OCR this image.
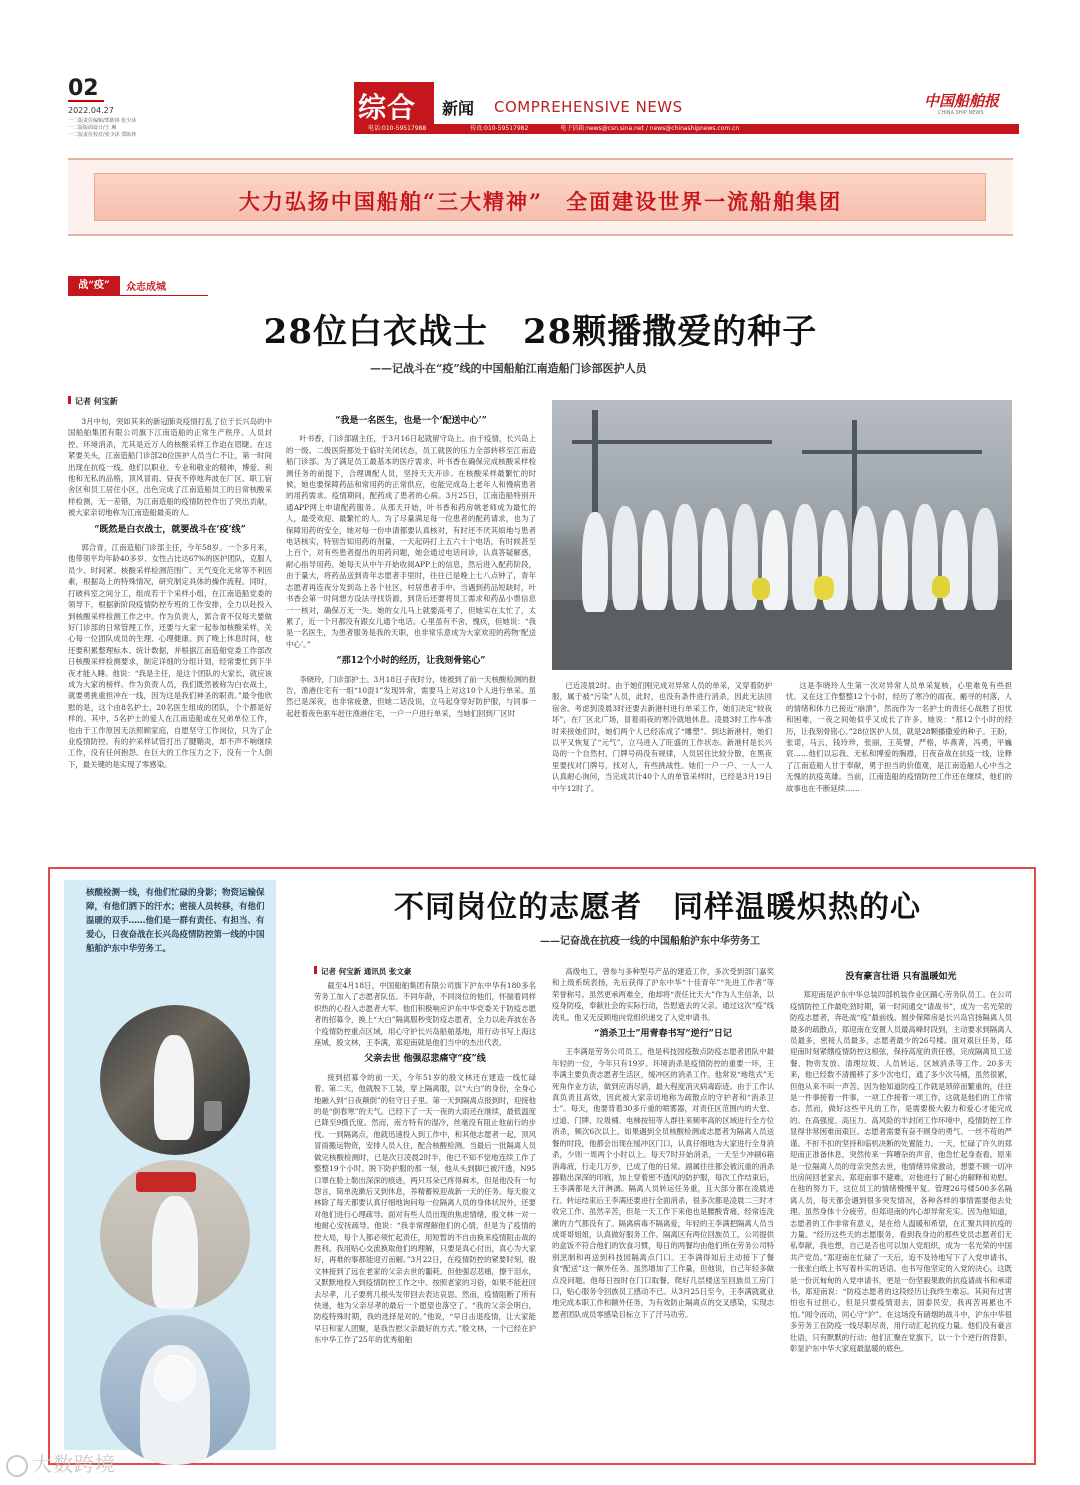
02
2022.04.27
一二版责任编辑/郑陈林 张少沐
一二版版面设计/王 琳
一二版责任校对/张少沐 郑陈林
综合 新闻 COMPREHENSIVE NEWS
电话:010-59517988	传真:010-59517982	电子信箱:news@csn.sina.net / news@chinashipnews.com.cn
中国船舶报
CHINA SHIP NEWS
大力弘扬中国船舶“三大精神”　全面建设世界一流船舶集团
战“疫”	众志成城
28位白衣战士　28颗播撒爱的种子
——记战斗在“疫”线的中国船舶江南造船门诊部医护人员
记者 何宝新

3月中旬，突如其来的新冠肺炎疫情打乱了位于长兴岛的中国船舶集团有限公司旗下江南造船的正常生产秩序。人员封控、环境消杀，尤其是近万人的核酸采样工作迫在眉睫。在这紧要关头，江南造船门诊部28位医护人员当仁不让，第一时间出现在抗疫一线。他们以职业、专业和敬业的精神，博爱、利他和无私的品格，顶风冒雨、昼夜不停地奔波在厂区、职工宿舍区和员工居住小区，出色完成了江南造船员工的日常核酸采样检测，无一差错，为江南造船的疫情防控作出了突出贡献，被大家亲切地称为江南造船最美的人。

“既然是白衣战士，就要战斗在‘疫’线”

郭合青，江南造船门诊部主任，今年58岁。一个多月来，他带领平均年龄40多岁、女性占比达67%的医护团队，克服人员少、时间紧、核酸采样检测范围广、天气变化无常等不利因素，根据岛上的特殊情况，研究制定具体的操作流程。同时，打破科室之间分工，组成若干个采样小组，在江南造船党委的领导下，根据新阶段疫情防控专班的工作安排，全力以赴投入到核酸采样检测工作之中。作为负责人，郭合青不仅每天要做好门诊部的日常管理工作，还要与大家一起参加核酸采样，关心每一位团队成员的生理、心理健康。到了晚上休息时间，他还要积累整理标本、统计数据，并根据江南造船党委工作部改日核酸采样检测要求，制定详细的分组计划，经常要忙到下半夜才能入睡。他说：“我是主任，是这个团队的大家长，就应该成为大家的榜样。作为负责人员，我们既然被称为白衣战士，就要勇挑重担冲在一线，因为这是我们神圣的职责。”最令他欣慰的是，这个由8名护士、20名医生组成的团队，个个都是好样的。其中，5名护士的爱人在江南造船或在兄弟单位工作，也由于工作原因无法照顾家庭，自愿坚守工作岗位，只为了企业疫情防控。有的护采样试管打出了腱鞘炎，却不声不响继续工作，没有任何抱怨。在巨大的工作压力之下，没有一个人倒下，最关键的是实现了零感染。

“我是一名医生，也是一个‘配送中心’”

叶书香，门诊部副主任，于3月16日起就留守岛上。由于疫情，长兴岛上的一级、二级医院都处于临时关闭状态，员工就医的压力全部转移至江南造船门诊部。为了满足员工最基本的医疗需求，叶书香在确保完成核酸采样检测任务的前提下，合理调配人员，坚持天天开诊。在核酸采样最繁忙的时候，她也要保障药品和常用药的正常供应，也能完成岛上老年人和慢病患者的用药需求。疫情期间，配药成了患者的心病。3月25日，江南造船特别开通APP网上申请配药服务。从那天开始，叶书香和药房姚老师成为最忙的人，最受欢迎、最繁忙的人。为了尽量满足每一位患者的配药请求，也为了保障用药的安全，她对每一份申请都要认真核对，有时还不厌其烦地与患者电话核实，特别告知用药的剂量，一天起码打上五六十个电话，有时候甚至上百个，对有些患者提出的用药问题，她会通过电话问诊，认真答疑解惑，耐心指导用药。她每天从中午开始收阅APP上的信息，然后进入配药阶段，由于量大，将药品送到青年志愿者手里时，往往已是晚上七八点钟了，青年志愿者再连夜分发到岛上各个社区，村居患者手中。当遇到药品短缺时，叶书香会第一时间想方设法寻找货源，到货后还要将员工需求和药品小票信息一一核对，确保万无一失。她的女儿马上就要高考了，但她实在太忙了，太累了，近一个月都没有跟女儿通个电话。心里虽有不舍，愧疚，但她说：“我是一名医生，为患者服务是我的天职，也非常乐意成为大家欢迎的药物‘配送中心’。”

“那12个小时的经历，让我刻骨铭心”

李晓玲，门诊部护士。3月18日子夜时分，她被到了前一天核酸检测的报告，渔港住宅有一组“10混1”发现异常，需要马上对这10个人进行单采。虽然已是深夜，也非常疲惫，但她二话没说，立马起身穿好防护服，与同事一起赶着夜色驱车赶往渔港住宅，一户一户进行单采，当她们回到厂区时

已近凌晨2时。由于她们刚完成对异常人员的单采，又穿着防护服，属于被“污染”人员，此时，也没有条件进行消杀，因此无法回宿舍。考虑到凌晨3时还要去新港村进行单采工作，她们决定“较夜坏”，在厂区北广场，冒着雨夜的寒冷就地休息。凌晨3时工作车准时来接她们时，她们两个人已经冻成了“雕塑”。到达新港村，她们以平又恢复了“元气”，立马进入了旺盛的工作状态。新港村是长兴岛的一个自然村，门牌号码没有规律，人员居住比较分散，在黑夜里要找对门牌号，找对人，有些挑战性。她们一户一户、一人一人认真耐心询问，当完成共计40个人的单管采样时，已经是3月19日中午12时了。

这是李晓玲人生第一次对异常人员单采复核，心里难免有些担忧。又在这工作整整12个小时，经历了寒冷的雨夜、瘢寻的村落，人的情绪和体力已接近“崩溃”，然而作为一名护士的责任心战胜了担忧和困难，一夜之间她似乎又成长了许多。她说：“那12个小时的经历，让我刻骨铭心。”28位医护人员，就是28颗播撒爱的种子。王盼，张诺，马云，钱玲珍，张丽，王英譬，严格，毕燕菁，冯勇，平巍宸……他们以忘我、无私和博爱的胸襟，日夜奋战在抗疫一线，诠释了江南造船人甘于奉献，勇于担当的价值观，是江南造船人心中当之无愧的抗疫英雄。当前，江南造船的疫情防控工作还在继续，他们的故事也在不断延续……

核酸检测一线，有他们忙碌的身影；物资运输保障，有他们洒下的汗水；密接人员转移，有他们温暖的双手……他们是一群有责任、有担当、有爱心，日夜奋战在长兴岛疫情防控第一线的中国船舶沪东中华劳务工。
不同岗位的志愿者　同样温暖炽热的心
——记奋战在抗疫一线的中国船舶沪东中华劳务工
记者 何宝新 通讯员 张文豪

截至4月18日，中国船舶集团有限公司旗下沪东中华有180多名劳务工加入了志愿者队伍。不同年龄，不同岗位的他们，怀揣着同样炽热的心投入志愿者大军。他们积极响应沪东中华党委关于防疫志愿者的招募令，换上“大白”隔离服秒变防疫志愿者，全力以赴奔波在各个疫情防控重点区域，用心守护长兴岛船舶基地，用行动书写上海这座城，殷文林，王李满，郑迎南就是他们当中的杰出代表。

父亲去世 他强忍悲痛守“疫”线

接到招募令的前一天，今年51岁的殷文林还在建造一线忙碌着。第二天，他就脱下工装，穿上隔离服，以“大白”的身份，全身心地融入到“日夜颠倒”的驻守日子里。第一天到隔离点报到时，迎接他的是“倒春寒”的天气。已经下了一天一夜的大雨还在继续，最低温度已降至9摄氏度。然而，南方特有的湿冷，丝毫没有阻止他前行的步伐。一到隔离点，他就迅速投入到工作中，和其他志愿者一起，顶风冒雨搬运物资，安排人员入住，配合核酸检测。当最后一批隔离人员做完核酸检测时，已是次日凌晨2时半，他已不知不觉地连续工作了整整19个小时。脱下防护服的那一刻，他从头到脚已被汗透，N95口罩在脸上勒出深深的痕迹，两只耳朵已疼得麻木，但是他没有一句怨言，简单洗漱后又到休息，养精蓄锐迎战新一天的任务。每天殷文林除了每天都要认真仔细地询问每一位隔离人员的身体状况外，还要对他们进行心理疏导。面对有些人员出现的焦虑情绪，殷文林一对一地耐心安抚疏导。他说：“我非常理解他们的心情，但是为了疫情的控大局，每个人都必须忙起责任，用短暂的不自由换来疫情阻击战的胜利。我用贴心交流换取他们的理解，只要是真心付出，真心为大家好，再难的事都能迎刃而解。”3月22日，在疫情防控的紧要时刻，殷文林接到了远在老家的父亲去世的噩耗。但他强忍悲痛，擦干泪水，又默默地投入到疫情防控工作之中。按照老家的习俗，如果不能赶回去尽孝，儿子要剪几根头发带回去表达哀思。然而，疫情阻断了所有快递，他为父亲尽孝的最后一个愿望也落空了。“我的父亲会明白，防疫特殊时期，我的选择是对的。”他说，“早日击退疫情，让大家能早日和家人团聚，是我告慰父亲最好的方式。”殷文林，一个已经在沪东中华工作了25年的优秀船舶

高级电工，曾参与多种型号产品的建造工作，多次受到部门嘉奖和上级系统表扬，先后获得了沪东中华“十佳青年”“先进工作者”等荣誉称号。虽然更承两难全，他却将“责任比天大”作为人生信条，以疫身防疫，奉献社会的实际行动，告慰逝去的父亲。通过这次“疫”线洗礼，他又无反顾地向党组织递交了入党申请书。

“消杀卫士”用青春书写“逆行”日记

王李满是劳务公司员工，他是科技园疫散点防疫志愿者团队中最年轻的一位，今年只有19岁。环境消杀是疫情防控的重要一环，王李满主要负责志愿者生活区，缓冲区的消杀工作。他常说“地毯式”无死角作业方法，做到应消尽消，最大程度消灭病毒踪迹。由于工作认真负责且高效，因此被大家亲切地称为疏散点的守护者和“消杀卫士”。每天，他要背着30多斤重的喷雾器，对责任区范围内的大堂、过道、门牌、垃圾桶、电梯按钮等人群往来频率高的区域进行全方位消杀，频次6次以上。如果遇到全员核酸检测或志愿者为隔离人员送餐的时段，他都会出现在缓冲区门口，认真仔细地为大家进行全身消杀，少则一周两个小时以上。每天7时开始消杀，一天至少冲刷6箱消毒液，行走几万步，已成了他的日常。副属往往都会被沉重的消杀器勒出深深的印痕，加上穿着密不透风的防护服，每次工作结束后，王李满都是大汗淋漓。隔离人员转运任务重，且大部分都在凌晨进行。转运结束后王李满还要进行全面消杀，很多次都是凌晨二三时才收完工作。虽然辛苦，但是一天工作下来他也是腰酸背痛，经常连洗漱的力气都没有了。隔离病毒不隔离爱，年轻的王李满把隔离人员当成哥哥姐姐，认真做好服务工作。隔离区有两位回族员工，公司提供的盒饭不符合他们的饮食习惯，每日的两餐均由他们所在劳务公司特别烹制和再送到科技园隔离点门口。王李满得知后主动接下了餐食“配送”这一额外任务。虽然增加了工作量，但他说，自己年轻多做点没问题。他每日按时在门口取餐，爬好几层楼送至回族员工房门口，贴心服务令回族员工感动不已。从3月25日至今，王李满就就业地完成本职工作和额外任务，为有效防止隔离点的交叉感染，实现志愿者团队成员零感染目标立下了汗马功劳。

没有豪言壮语 只有温暖如光

郑迎南是沪东中华总装四部机装作业区踊心劳务队员工。在公司疫情防控工作最吃劲时期，第一时间通交“请战书”，成为一名光荣的防疫志愿者，奔赴战“疫”最前线。圆步保障房是长兴岛官扬隔离人员最多的疏散点，郑迎南在安置人员最高峰时段到，主动要求到隔离人员最多，密接人员最多，志愿者最少的26号楼。面对艰巨任务，郑迎南时刻紧绷疫情防控这根弦，保持高度的责任感，完成隔离员工送餐、物资发放、清理垃圾、人员转运、区域消杀等工作。20多天来，他已经数不清搬移了多少次电灯，通了多少次马桶，虽然很累，但他从来不叫一声苦。因为他知道防疫工作就是琐碎而繁重的，往往是一件事接着一件事，一项工作接着一项工作，这就是他们的工作常态。然而，做好这些平凡的工作，是需要极大毅力和爱心才能完成的。在高强度、高压力、高风险的半封闭工作环境中，疫情防控工作显得非常困难而艰巨。志愿者需要有奋不顾身的勇气、一丝不苟的严谨、不折不扣的坚持和临机决断的处置能力。一天，忙碌了许久的郑迎南正准备休息，突然传来一阵嘈杂的声音，他急忙起身查看。原来是一位隔离人员的母亲突然去世，他情绪异常激动，想要不顾一切冲出房间回老家去。郑迎南事不避难，对他进行了耐心的解释和劝慰。在他的努力下，这位员工的情绪慢慢平复。管理26号楼500多名隔离人员，每天都会遇到很多突发情况，各种各样的事情需要他去处理。虽然身体十分疲劳，但郑迎南的内心却异常充实。因为他知道，志愿者的工作非常有意义，是在给人温暖和希望，在汇聚共同抗疫的力量。“经历这些天的志愿服务，看到我身边的那些党员志愿者们无私奉献，我也想，自己是否也可以加入党组织，成为一名光荣的中国共产党员。”郑迎南在忙碌了一天后，追不及待地写下了入党申请书。一张张白纸上书写着朴实的话语。也书写他坚定的入党的决心。这既是一份沉甸甸的入党申请书，更是一份坚毅果敢的抗疫请战书和承诺书。郑迎南说：“防疫志愿者的这段经历让我终生难忘。其间有过害怕也有过担心，但是只要疫情退去，国泰民安，我再苦再累也不怕。”闻令而动，同心守“沪”。在这场没有硝烟的战斗中，沪东中华很多劳务工在防疫一线尽职尽责，用行动汇起抗疫力量。他们没有豪言壮语，只有默默的行动；他们汇聚在党旗下，以一个个逆行的背影，彰显沪东中华大家庭最温暖的底色。

大数跨境
